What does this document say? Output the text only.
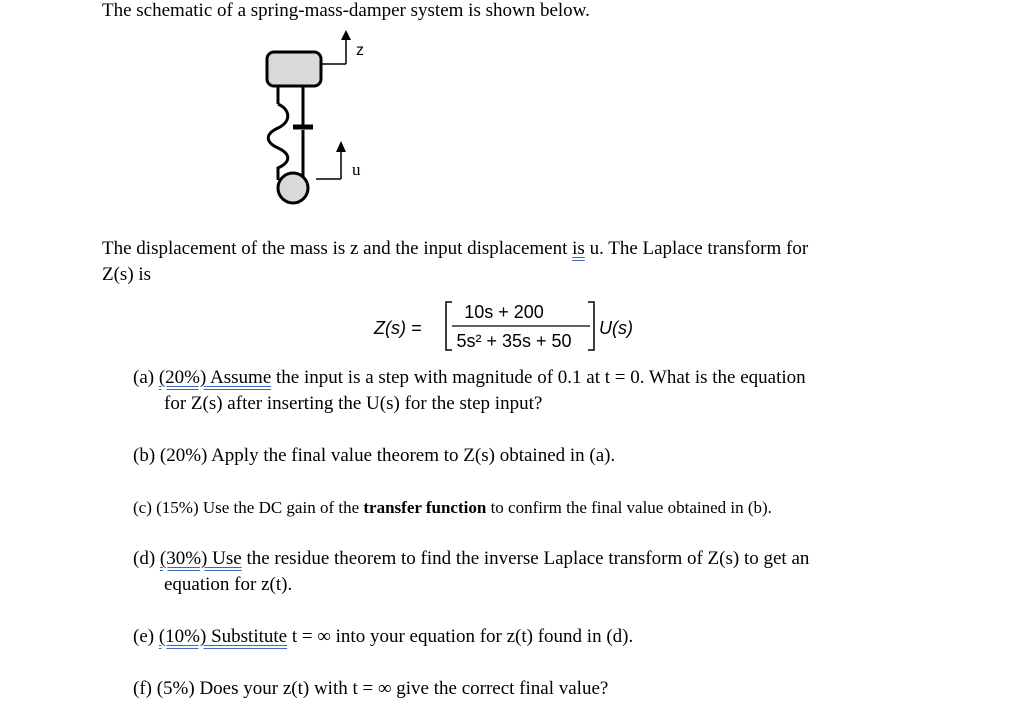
The schematic of a spring-mass-damper system is shown below.
z
u
The displacement of the mass is z and the input displacement is u. The Laplace transform for
Z(s) is
Z(s) =
10s + 200
5s² + 35s + 50
U(s)
(a) (20%) Assume the input is a step with magnitude of 0.1 at t = 0. What is the equation
for Z(s) after inserting the U(s) for the step input?
(b) (20%) Apply the final value theorem to Z(s) obtained in (a).
(c) (15%) Use the DC gain of the transfer function to confirm the final value obtained in (b).
(d) (30%) Use the residue theorem to find the inverse Laplace transform of Z(s) to get an
equation for z(t).
(e) (10%) Substitute t = ∞ into your equation for z(t) found in (d).
(f) (5%) Does your z(t) with t = ∞ give the correct final value?
